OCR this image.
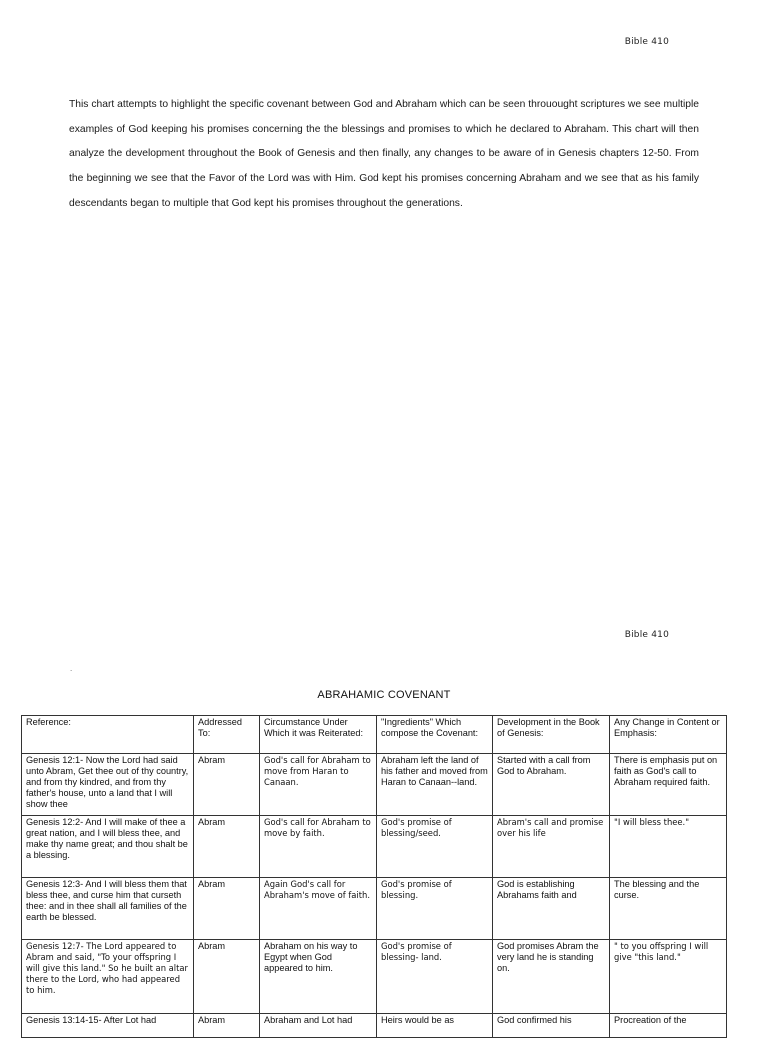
Bible 410

This chart attempts to highlight the specific covenant between God and Abraham which can be seen throuought scriptures we see multiple examples of God keeping his promises concerning the the blessings and promises to which he declared to Abraham. This chart will then analyze the development throughout the Book of Genesis and then finally, any changes to be aware of in Genesis chapters 12-50. From the beginning we see that the Favor of the Lord was with Him. God kept his promises concerning Abraham and we see that as his family descendants began to multiple that God kept his promises throughout the generations.

Bible 410
.
ABRAHAMIC COVENANT
Reference:	Addressed To:	Circumstance Under Which it was Reiterated:	"Ingredients" Which compose the Covenant:	Development in the Book of Genesis:	Any Change in Content or Emphasis:
Genesis 12:1- Now the Lord had said unto Abram, Get thee out of thy country, and from thy kindred, and from thy father's house, unto a land that I will show thee	Abram	God's call for Abraham to move from Haran to Canaan.	Abraham left the land of his father and moved from Haran to Canaan--land.	Started with a call from God to Abraham.	There is emphasis put on faith as God's call to Abraham required faith.
Genesis 12:2- And I will make of thee a great nation, and I will bless thee, and make thy name great; and thou shalt be a blessing.	Abram	God's call for Abraham to move by faith.	God's promise of blessing/seed.	Abram's call and promise over his life	"I will bless thee."
Genesis 12:3- And I will bless them that bless thee, and curse him that curseth thee: and in thee shall all families of the earth be blessed.	Abram	Again God's call for Abraham's move of faith.	God's promise of blessing.	God is establishing Abrahams faith and	The blessing and the curse.
Genesis 12:7- The Lord appeared to Abram and said, "To your offspring I will give this land." So he built an altar there to the Lord, who had appeared to him.	Abram	Abraham on his way to Egypt when God appeared to him.	God's promise of blessing- land.	God promises Abram the very land he is standing on.	" to you offspring I will give "this land."
Genesis 13:14-15- After Lot had	Abram	Abraham and Lot had	Heirs would be as	God confirmed his	Procreation of the
